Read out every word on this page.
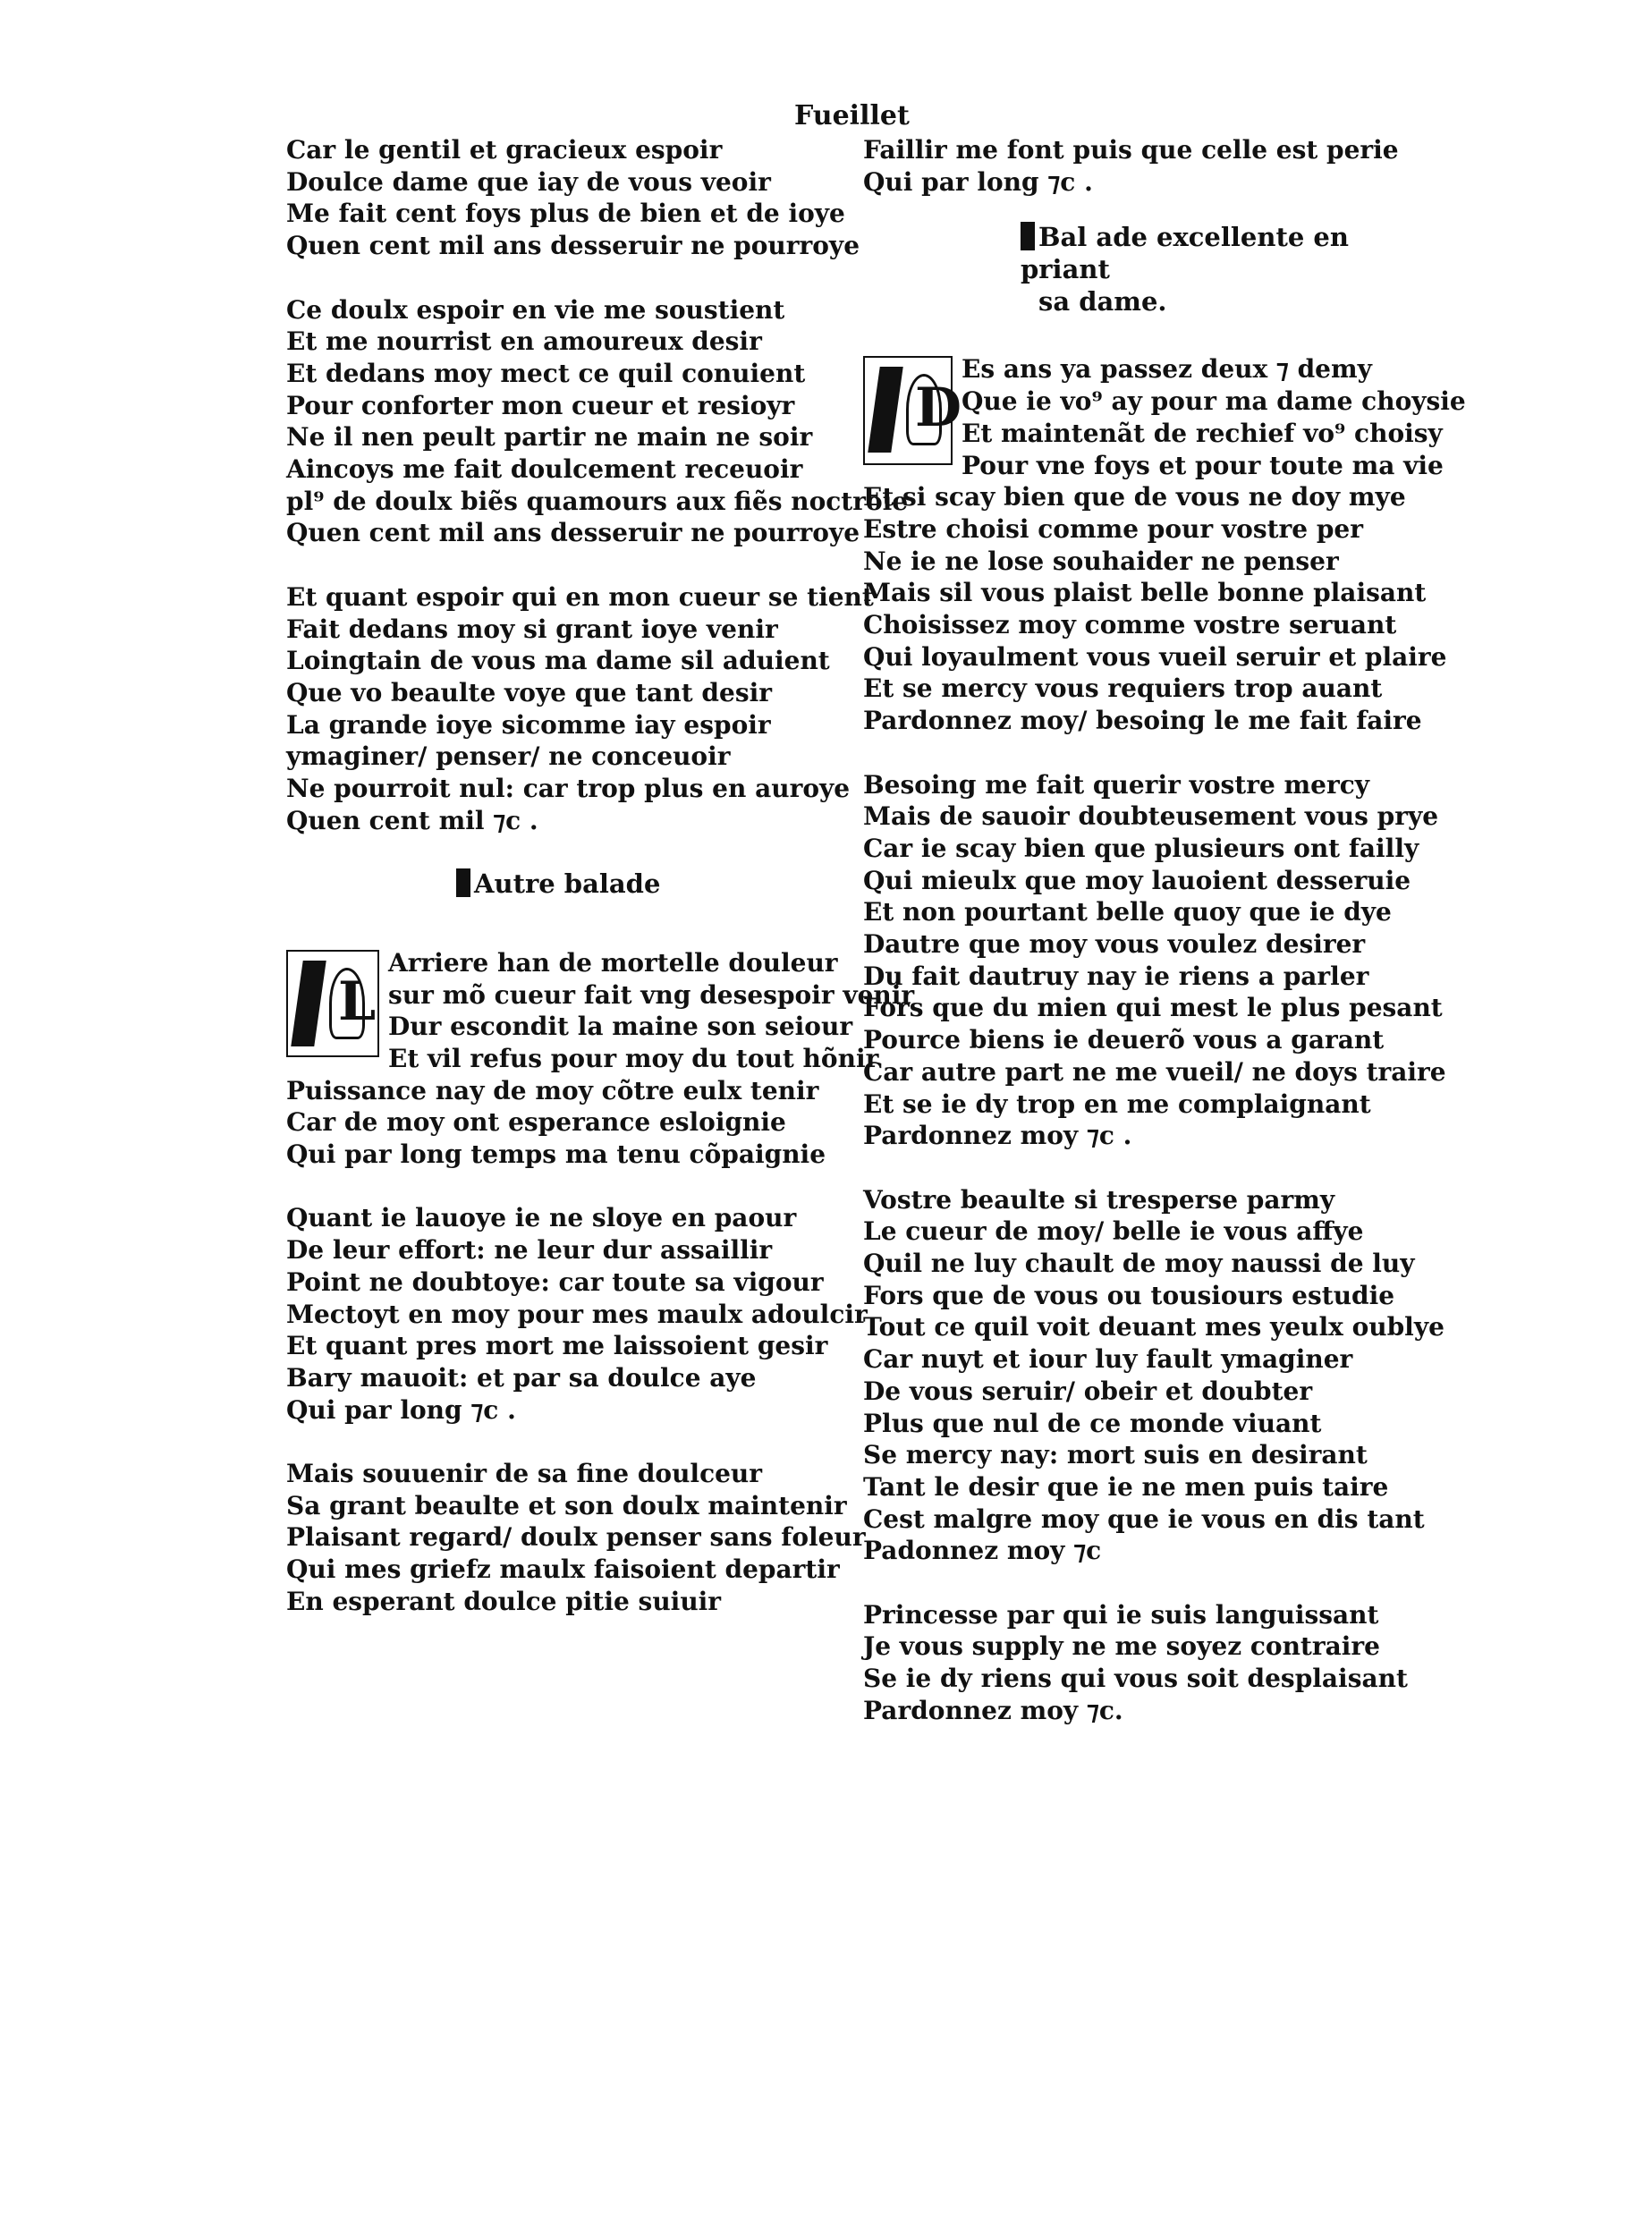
Fueillet
Car le gentil et gracieux espoir
Doulce dame que iay de vous veoir
Me fait cent foys plus de bien et de ioye
Quen cent mil ans desseruir ne pourroye
Ce doulx espoir en vie me soustient
Et me nourrist en amoureux desir
Et dedans moy mect ce quil conuient
Pour conforter mon cueur et resioyr
Ne il nen peult partir ne main ne soir
Aincoys me fait doulcement receuoir
pl⁹ de doulx biẽs quamours aux fiẽs noctroie
Quen cent mil ans desseruir ne pourroye
Et quant espoir qui en mon cueur se tient
Fait dedans moy si grant ioye venir
Loingtain de vous ma dame sil aduient
Que vo beaulte voye que tant desir
La grande ioye sicomme iay espoir
ymaginer/ penser/ ne conceuoir
Ne pourroit nul: car trop plus en auroye
Quen cent mil ⁊c .
Autre balade
L
Arriere han de mortelle douleur
sur mõ cueur fait vng desespoir venir
Dur escondit la maine son seiour
Et vil refus pour moy du tout hõnir
Puissance nay de moy cõtre eulx tenir
Car de moy ont esperance esloignie
Qui par long temps ma tenu cõpaignie
Quant ie lauoye ie ne sloye en paour
De leur effort: ne leur dur assaillir
Point ne doubtoye: car toute sa vigour
Mectoyt en moy pour mes maulx adoulcir
Et quant pres mort me laissoient gesir
Bary mauoit: et par sa doulce aye
Qui par long ⁊c .
Mais souuenir de sa fine doulceur
Sa grant beaulte et son doulx maintenir
Plaisant regard/ doulx penser sans foleur
Qui mes griefz maulx faisoient departir
En esperant doulce pitie suiuir
Faillir me font puis que celle est perie
Qui par long ⁊c .
Bal ade excellente en priant
sa dame.
D
Es ans ya passez deux ⁊ demy
Que ie vo⁹ ay pour ma dame choysie
Et maintenãt de rechief vo⁹ choisy
Pour vne foys et pour toute ma vie
Et si scay bien que de vous ne doy mye
Estre choisi comme pour vostre per
Ne ie ne lose souhaider ne penser
Mais sil vous plaist belle bonne plaisant
Choisissez moy comme vostre seruant
Qui loyaulment vous vueil seruir et plaire
Et se mercy vous requiers trop auant
Pardonnez moy/ besoing le me fait faire
Besoing me fait querir vostre mercy
Mais de sauoir doubteusement vous prye
Car ie scay bien que plusieurs ont failly
Qui mieulx que moy lauoient desseruie
Et non pourtant belle quoy que ie dye
Dautre que moy vous voulez desirer
Du fait dautruy nay ie riens a parler
Fors que du mien qui mest le plus pesant
Pource biens ie deuerõ vous a garant
Car autre part ne me vueil/ ne doys traire
Et se ie dy trop en me complaignant
Pardonnez moy ⁊c .
Vostre beaulte si tresperse parmy
Le cueur de moy/ belle ie vous affye
Quil ne luy chault de moy naussi de luy
Fors que de vous ou tousiours estudie
Tout ce quil voit deuant mes yeulx oublye
Car nuyt et iour luy fault ymaginer
De vous seruir/ obeir et doubter
Plus que nul de ce monde viuant
Se mercy nay: mort suis en desirant
Tant le desir que ie ne men puis taire
Cest malgre moy que ie vous en dis tant
Padonnez moy ⁊c
Princesse par qui ie suis languissant
Je vous supply ne me soyez contraire
Se ie dy riens qui vous soit desplaisant
Pardonnez moy ⁊c.
